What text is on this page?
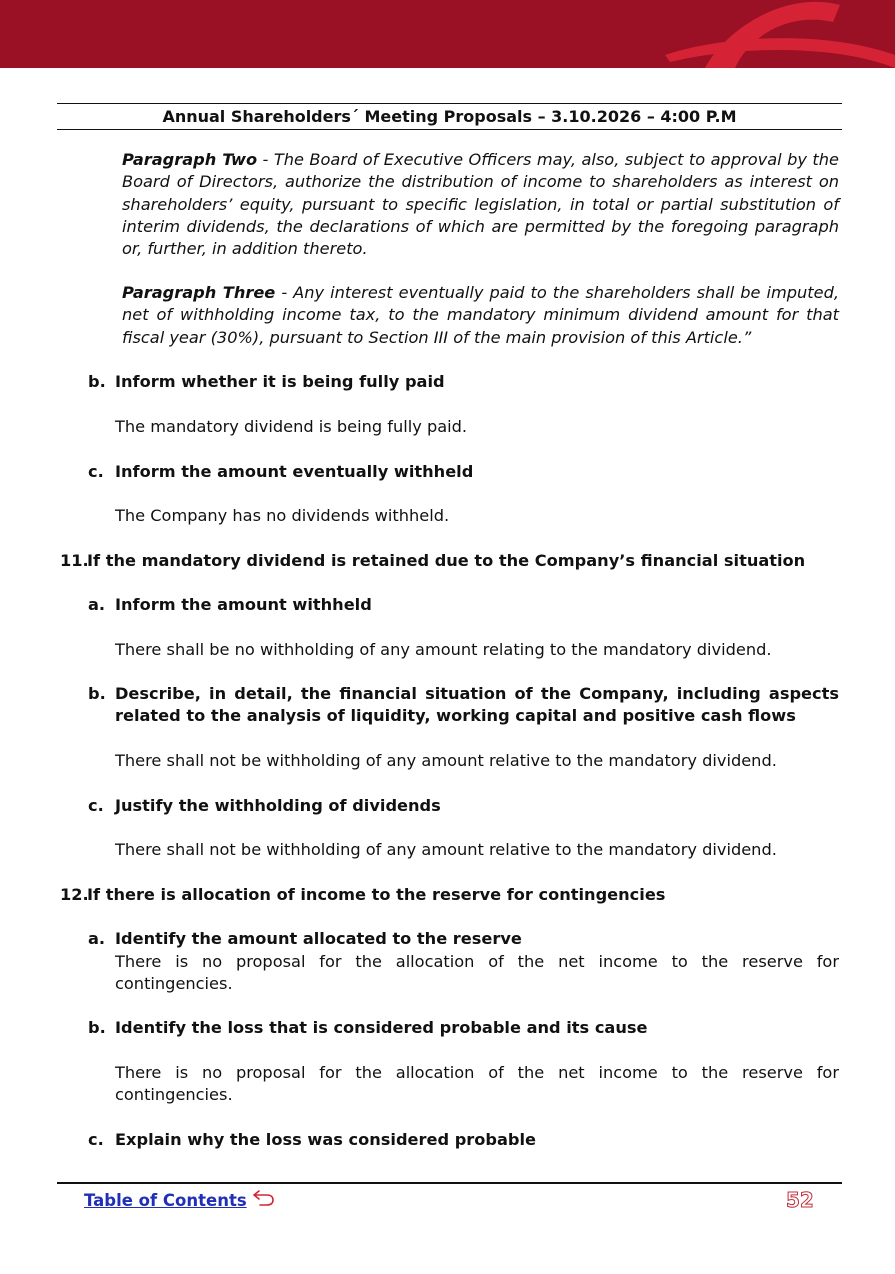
Annual Shareholders´ Meeting Proposals – 3.10.2026 – 4:00 P.M
Paragraph Two - The Board of Executive Officers may, also, subject to approval by the Board of Directors, authorize the distribution of income to shareholders as interest on shareholders’ equity, pursuant to specific legislation, in total or partial substitution of interim dividends, the declarations of which are permitted by the foregoing paragraph or, further, in addition thereto.
Paragraph Three - Any interest eventually paid to the shareholders shall be imputed, net of withholding income tax, to the mandatory minimum dividend amount for that fiscal year (30%), pursuant to Section III of the main provision of this Article.”
b. Inform whether it is being fully paid
The mandatory dividend is being fully paid.
c. Inform the amount eventually withheld
The Company has no dividends withheld.
11.
If the mandatory dividend is retained due to the Company’s financial situation
a. Inform the amount withheld
There shall be no withholding of any amount relating to the mandatory dividend.
b. Describe, in detail, the financial situation of the Company, including aspects related to the analysis of liquidity, working capital and positive cash flows
There shall not be withholding of any amount relative to the mandatory dividend.
c. Justify the withholding of dividends
There shall not be withholding of any amount relative to the mandatory dividend.
12.
If there is allocation of income to the reserve for contingencies
a. Identify the amount allocated to the reserve
There is no proposal for the allocation of the net income to the reserve for contingencies.
b. Identify the loss that is considered probable and its cause
There is no proposal for the allocation of the net income to the reserve for contingencies.
c. Explain why the loss was considered probable
Table of Contents	52
